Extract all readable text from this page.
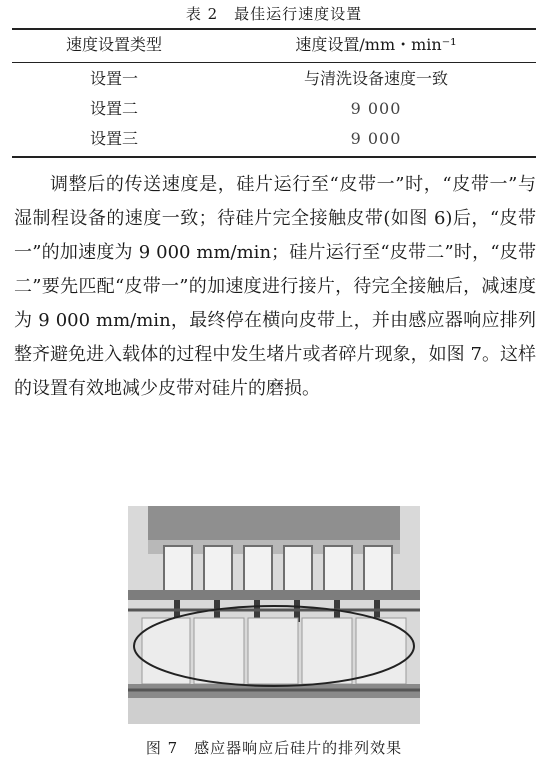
表 2 最佳运行速度设置
速度设置类型	速度设置/mm・min⁻¹
设置一	与清洗设备速度一致
设置二	9 000
设置三	9 000

调整后的传送速度是，硅片运行至“皮带一”时，“皮带一”与湿制程设备的速度一致；待硅片完全接触皮带(如图 6)后，“皮带一”的加速度为 9 000 mm/min；硅片运行至“皮带二”时，“皮带二”要先匹配“皮带一”的加速度进行接片，待完全接触后，减速度为 9 000 mm/min，最终停在横向皮带上，并由感应器响应排列整齐避免进入载体的过程中发生堵片或者碎片现象，如图 7。这样的设置有效地减少皮带对硅片的磨损。

图 7 感应器响应后硅片的排列效果
